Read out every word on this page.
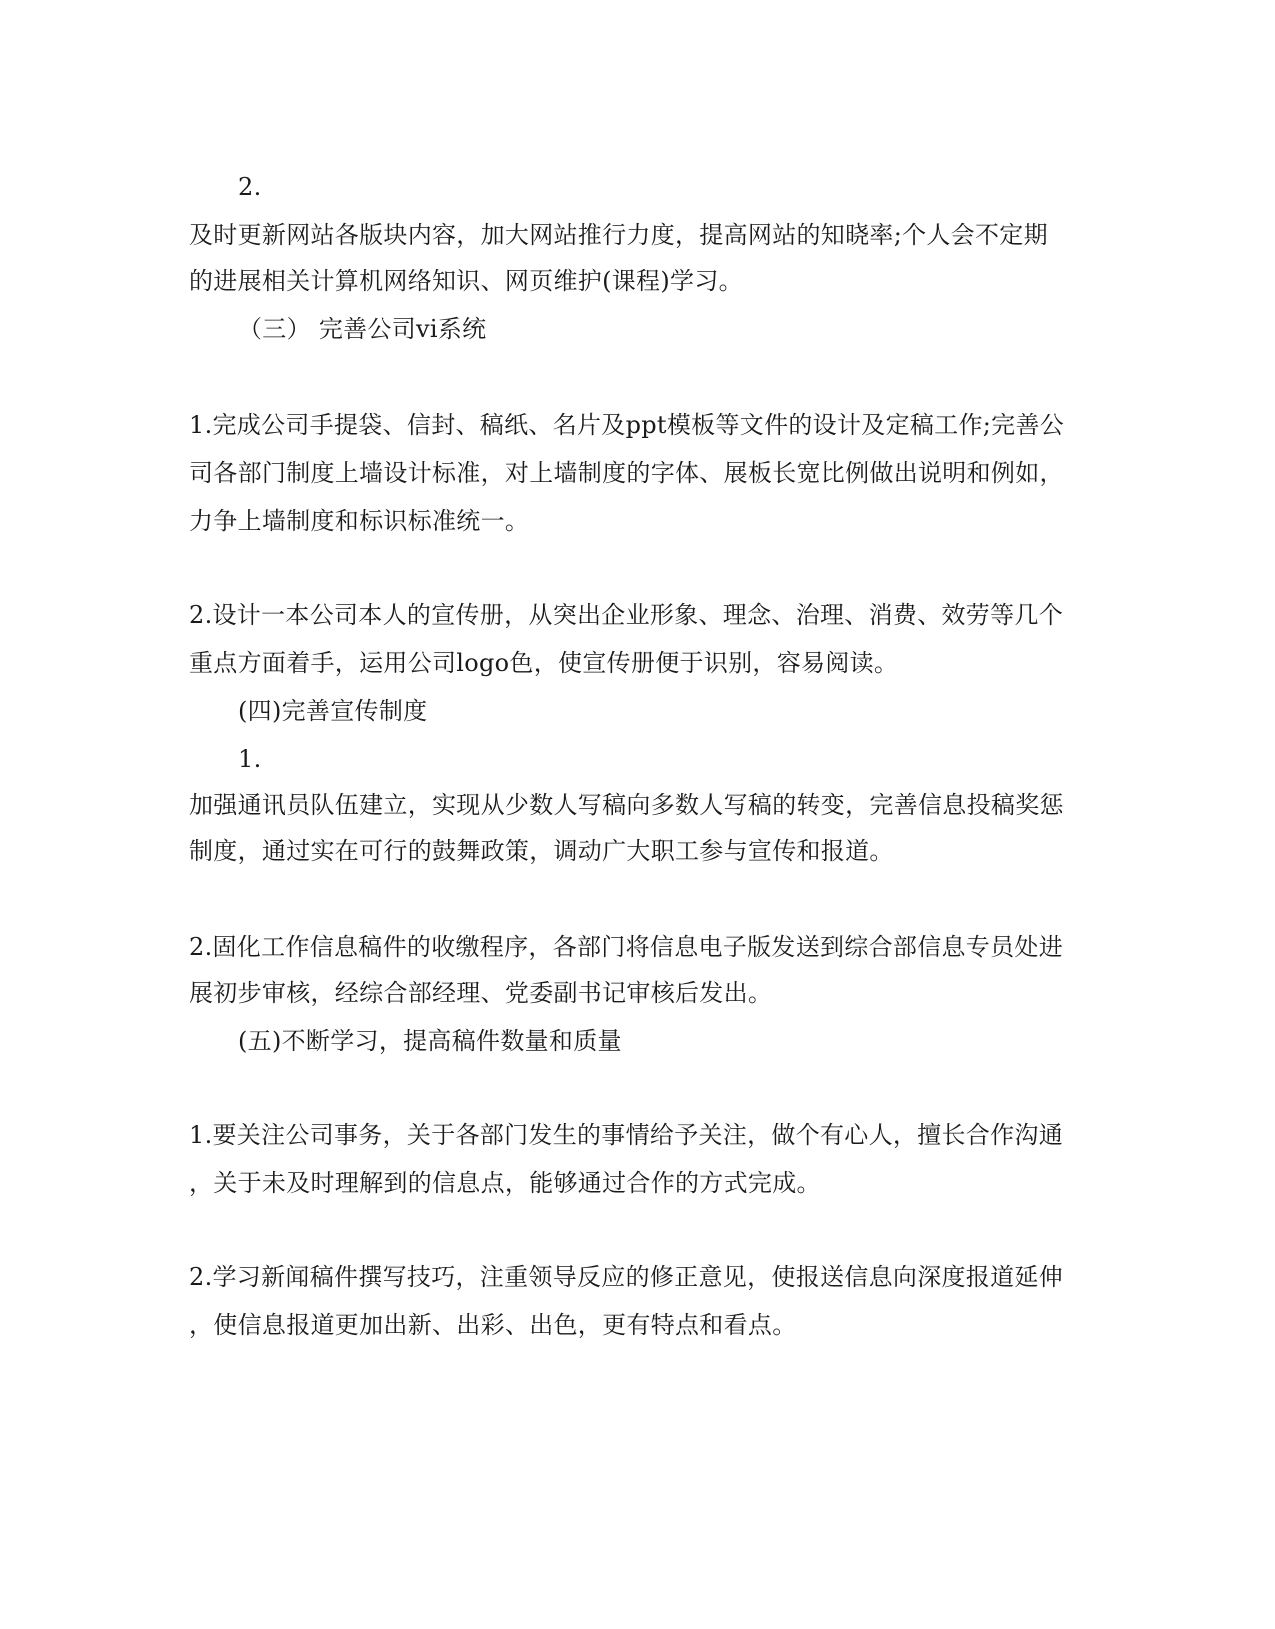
2.
及时更新网站各版块内容，加大网站推行力度，提高网站的知晓率;个人会不定期
的进展相关计算机网络知识、网页维护(课程)学习。
（三） 完善公司vi系统
1.完成公司手提袋、信封、稿纸、名片及ppt模板等文件的设计及定稿工作;完善公
司各部门制度上墙设计标准，对上墙制度的字体、展板长宽比例做出说明和例如，
力争上墙制度和标识标准统一。
2.设计一本公司本人的宣传册，从突出企业形象、理念、治理、消费、效劳等几个
重点方面着手，运用公司logo色，使宣传册便于识别，容易阅读。
(四)完善宣传制度
1.
加强通讯员队伍建立，实现从少数人写稿向多数人写稿的转变，完善信息投稿奖惩
制度，通过实在可行的鼓舞政策，调动广大职工参与宣传和报道。
2.固化工作信息稿件的收缴程序，各部门将信息电子版发送到综合部信息专员处进
展初步审核，经综合部经理、党委副书记审核后发出。
(五)不断学习，提高稿件数量和质量
1.要关注公司事务，关于各部门发生的事情给予关注，做个有心人，擅长合作沟通
，关于未及时理解到的信息点，能够通过合作的方式完成。
2.学习新闻稿件撰写技巧，注重领导反应的修正意见，使报送信息向深度报道延伸
，使信息报道更加出新、出彩、出色，更有特点和看点。
